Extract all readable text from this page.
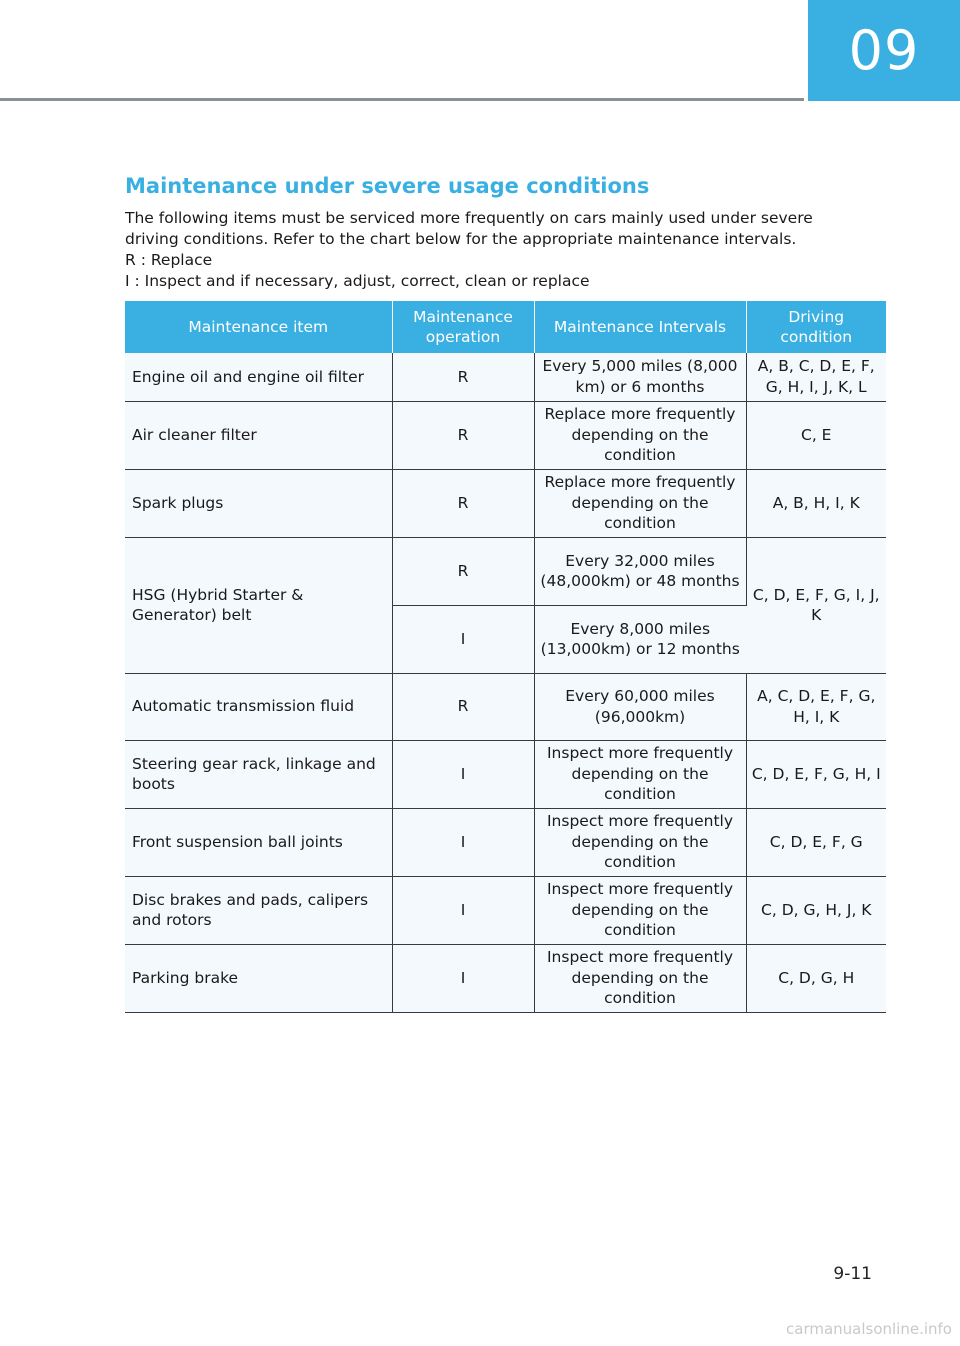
09
Maintenance under severe usage conditions

The following items must be serviced more frequently on cars mainly used under severe

driving conditions. Refer to the chart below for the appropriate maintenance intervals.

R : Replace

I : Inspect and if necessary, adjust, correct, clean or replace

Maintenance item	Maintenance operation	Maintenance Intervals	Driving condition
Engine oil and engine oil filter	R	Every 5,000 miles (8,000 km) or 6 months	A, B, C, D, E, F, G, H, I, J, K, L
Air cleaner filter	R	Replace more frequently depending on the condition	C, E
Spark plugs	R	Replace more frequently depending on the condition	A, B, H, I, K
HSG (Hybrid Starter & Generator) belt	R	Every 32,000 miles (48,000km) or 48 months	C, D, E, F, G, I, J, K
	I	Every 8,000 miles (13,000km) or 12 months	
Automatic transmission fluid	R	Every 60,000 miles (96,000km)	A, C, D, E, F, G, H, I, K
Steering gear rack, linkage and boots	I	Inspect more frequently depending on the condition	C, D, E, F, G, H, I
Front suspension ball joints	I	Inspect more frequently depending on the condition	C, D, E, F, G
Disc brakes and pads, calipers and rotors	I	Inspect more frequently depending on the condition	C, D, G, H, J, K
Parking brake	I	Inspect more frequently depending on the condition	C, D, G, H
9-11
carmanualsonline.info
